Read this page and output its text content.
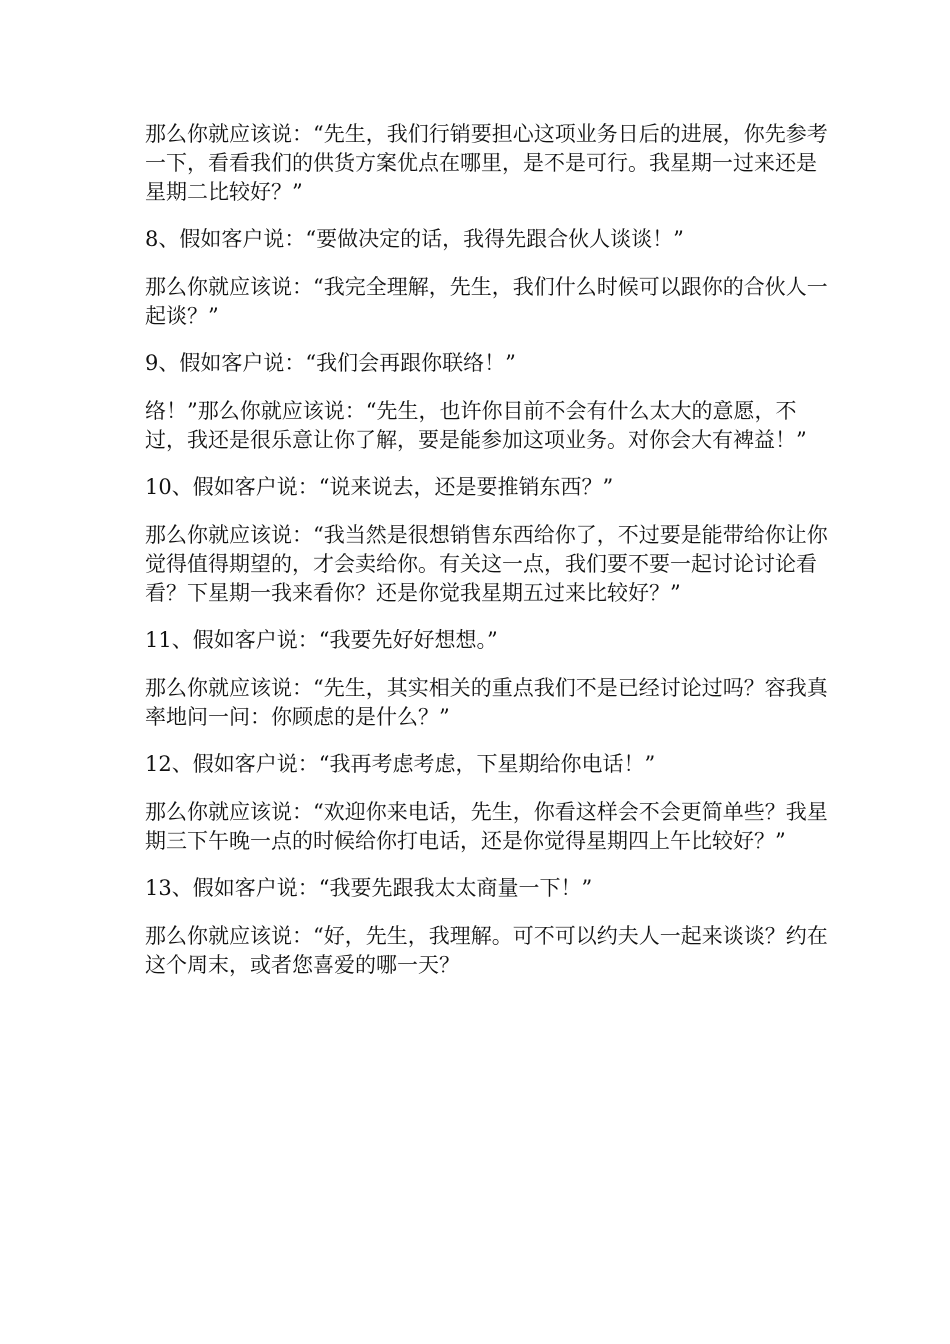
那么你就应该说：“先生，我们行销要担心这项业务日后的进展，你先参考一下，看看我们的供货方案优点在哪里，是不是可行。我星期一过来还是星期二比较好？”

8、假如客户说：“要做决定的话，我得先跟合伙人谈谈！”

那么你就应该说：“我完全理解，先生，我们什么时候可以跟你的合伙人一起谈？”

9、假如客户说：“我们会再跟你联络！”

络！”那么你就应该说：“先生，也许你目前不会有什么太大的意愿，不过，我还是很乐意让你了解，要是能参加这项业务。对你会大有裨益！”

10、假如客户说：“说来说去，还是要推销东西？”

那么你就应该说：“我当然是很想销售东西给你了，不过要是能带给你让你觉得值得期望的，才会卖给你。有关这一点，我们要不要一起讨论讨论看看？下星期一我来看你？还是你觉我星期五过来比较好？”

11、假如客户说：“我要先好好想想。”

那么你就应该说：“先生，其实相关的重点我们不是已经讨论过吗？容我真率地问一问：你顾虑的是什么？”

12、假如客户说：“我再考虑考虑，下星期给你电话！”

那么你就应该说：“欢迎你来电话，先生，你看这样会不会更简单些？我星期三下午晚一点的时候给你打电话，还是你觉得星期四上午比较好？”

13、假如客户说：“我要先跟我太太商量一下！”

那么你就应该说：“好，先生，我理解。可不可以约夫人一起来谈谈？约在这个周末，或者您喜爱的哪一天？
